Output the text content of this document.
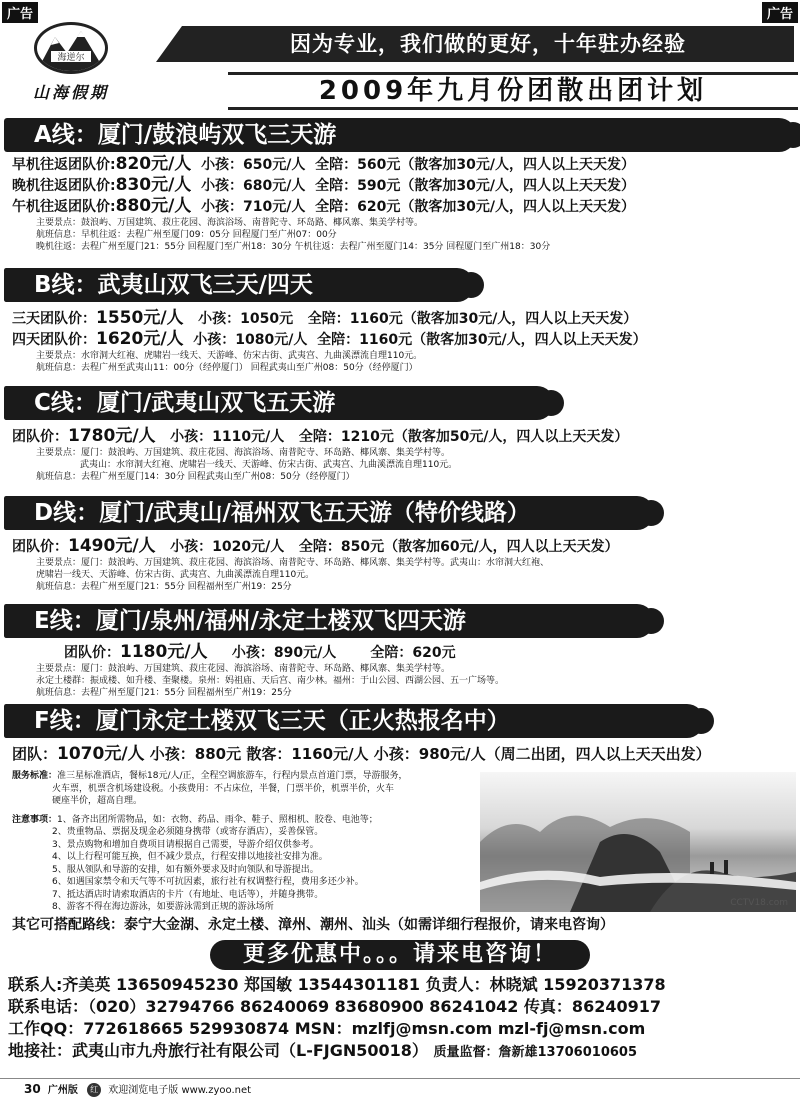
广告	广告
海逆尔
山海假期
因为专业，我们做的更好，十年驻办经验
2009年九月份团散出团计划
A线：厦门/鼓浪屿双飞三天游
早机往返团队价:820元/人 小孩：650元/人 全陪：560元（散客加30元/人，四人以上天天发）
晚机往返团队价:830元/人 小孩：680元/人 全陪：590元（散客加30元/人，四人以上天天发）
午机往返团队价:880元/人 小孩：710元/人 全陪：620元（散客加30元/人，四人以上天天发）
主要景点：鼓浪屿、万国建筑、菽庄花园、海滨浴场、南普陀寺、环岛路、椰风寨、集美学村等。
航班信息：早机往返：去程广州至厦门09：05分 回程厦门至广州07：00分
晚机往返：去程广州至厦门21：55分 回程厦门至广州18：30分 午机往返：去程广州至厦门14：35分 回程厦门至广州18：30分
B线：武夷山双飞三天/四天
三天团队价：1550元/人 小孩：1050元 全陪：1160元（散客加30元/人，四人以上天天发）
四天团队价：1620元/人 小孩：1080元/人 全陪：1160元（散客加30元/人，四人以上天天发）
主要景点：水帘洞大红袍、虎啸岩一线天、天游峰、仿宋古街、武夷宫、九曲溪漂流自理110元。
航班信息：去程广州至武夷山11：00分（经停厦门） 回程武夷山至广州08：50分（经停厦门）
C线：厦门/武夷山双飞五天游
团队价：1780元/人 小孩：1110元/人 全陪：1210元（散客加50元/人，四人以上天天发）
主要景点：厦门：鼓浪屿、万国建筑、菽庄花园、海滨浴场、南普陀寺、环岛路、椰风寨、集美学村等。
武夷山：水帘洞大红袍、虎啸岩一线天、天游峰、仿宋古街、武夷宫、九曲溪漂流自理110元。
航班信息：去程广州至厦门14：30分 回程武夷山至广州08：50分（经停厦门）
D线：厦门/武夷山/福州双飞五天游（特价线路）
团队价：1490元/人 小孩：1020元/人 全陪：850元（散客加60元/人，四人以上天天发）
主要景点：厦门：鼓浪屿、万国建筑、菽庄花园、海滨浴场、南普陀寺、环岛路、椰风寨、集美学村等。武夷山：水帘洞大红袍、
虎啸岩一线天、天游峰、仿宋古街、武夷宫、九曲溪漂流自理110元。
航班信息：去程广州至厦门21：55分 回程福州至广州19：25分
E线：厦门/泉州/福州/永定土楼双飞四天游
团队价：1180元/人 小孩：890元/人 全陪：620元
主要景点：厦门：鼓浪屿、万国建筑、菽庄花园、海滨浴场、南普陀寺、环岛路、椰风寨、集美学村等。
永定土楼群：振成楼、如升楼、奎聚楼。泉州：妈祖庙、天后宫、南少林。福州：于山公园、西湖公园、五一广场等。
航班信息：去程广州至厦门21：55分 回程福州至广州19：25分
F线：厦门永定土楼双飞三天（正火热报名中）
团队：1070元/人 小孩：880元 散客：1160元/人 小孩：980元/人（周二出团，四人以上天天出发）
CCTV18.com
服务标准：准三星标准酒店，餐标18元/人/正，全程空调旅游车，行程内景点首道门票，导游服务，
火车票，机票含机场建设税。小孩费用：不占床位，半餐，门票半价，机票半价，火车
硬座半价，超高自理。
注意事项：1、备齐出团所需物品，如：衣物、药品、雨伞、鞋子、照相机、胶卷、电池等；
2、贵重物品、票据及现金必须随身携带（或寄存酒店），妥善保管。
3、景点购物和增加自费项目请根据自己需要，导游介绍仅供参考。
4、以上行程可能互换，但不减少景点，行程安排以地接社安排为准。
5、服从领队和导游的安排，如有额外要求及时向领队和导游提出。
6、如遇国家禁令和天气等不可抗因素，旅行社有权调整行程，费用多还少补。
7、抵达酒店时请索取酒店的卡片（有地址、电话等），并随身携带。
8、游客不得在海边游泳，如要游泳需到正规的游泳场所
其它可搭配路线：泰宁大金湖、永定土楼、漳州、潮州、汕头（如需详细行程报价，请来电咨询）
更多优惠中。。。请来电咨询！
联系人:齐美英 13650945230 郑国敏 13544301181 负责人：林晓斌 15920371378
联系电话：（020）32794766 86240069 83680900 86241042 传真：86240917
工作QQ：772618665 529930874 MSN：mzlfj@msn.com mzl-fj@msn.com
地接社：武夷山市九舟旅行社有限公司（L-FJGN50018） 质量监督：詹新雄13706010605
30 广州版 红 欢迎浏览电子版 www.zyoo.net
